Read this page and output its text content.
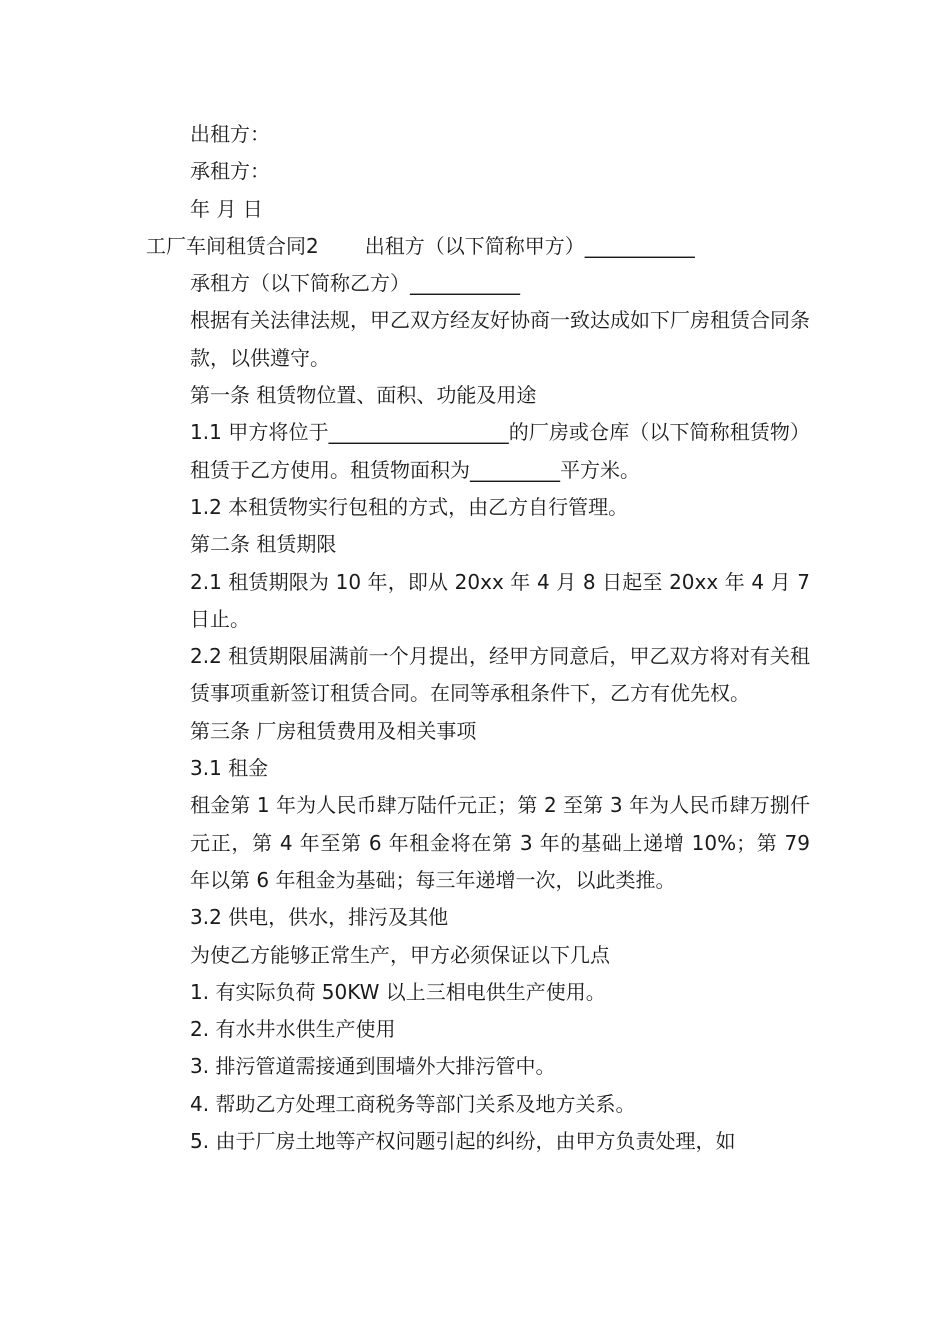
出租方：

承租方：

年 月 日

工厂车间租赁合同2 出租方（以下简称甲方）___________

承租方（以下简称乙方）___________

根据有关法律法规，甲乙双方经友好协商一致达成如下厂房租赁合同条款，以供遵守。

第一条 租赁物位置、面积、功能及用途

1.1 甲方将位于__________________的厂房或仓库（以下简称租赁物）租赁于乙方使用。租赁物面积为_________平方米。

1.2 本租赁物实行包租的方式，由乙方自行管理。

第二条 租赁期限

2.1 租赁期限为 10 年，即从 20xx 年 4 月 8 日起至 20xx 年 4 月 7 日止。

2.2 租赁期限届满前一个月提出，经甲方同意后，甲乙双方将对有关租赁事项重新签订租赁合同。在同等承租条件下，乙方有优先权。

第三条 厂房租赁费用及相关事项

3.1 租金

租金第 1 年为人民币肆万陆仟元正；第 2 至第 3 年为人民币肆万捌仟元正，第 4 年至第 6 年租金将在第 3 年的基础上递增 10%；第 79 年以第 6 年租金为基础；每三年递增一次，以此类推。

3.2 供电，供水，排污及其他

为使乙方能够正常生产，甲方必须保证以下几点

1. 有实际负荷 50KW 以上三相电供生产使用。

2. 有水井水供生产使用

3. 排污管道需接通到围墙外大排污管中。

4. 帮助乙方处理工商税务等部门关系及地方关系。

5. 由于厂房土地等产权问题引起的纠纷，由甲方负责处理，如
